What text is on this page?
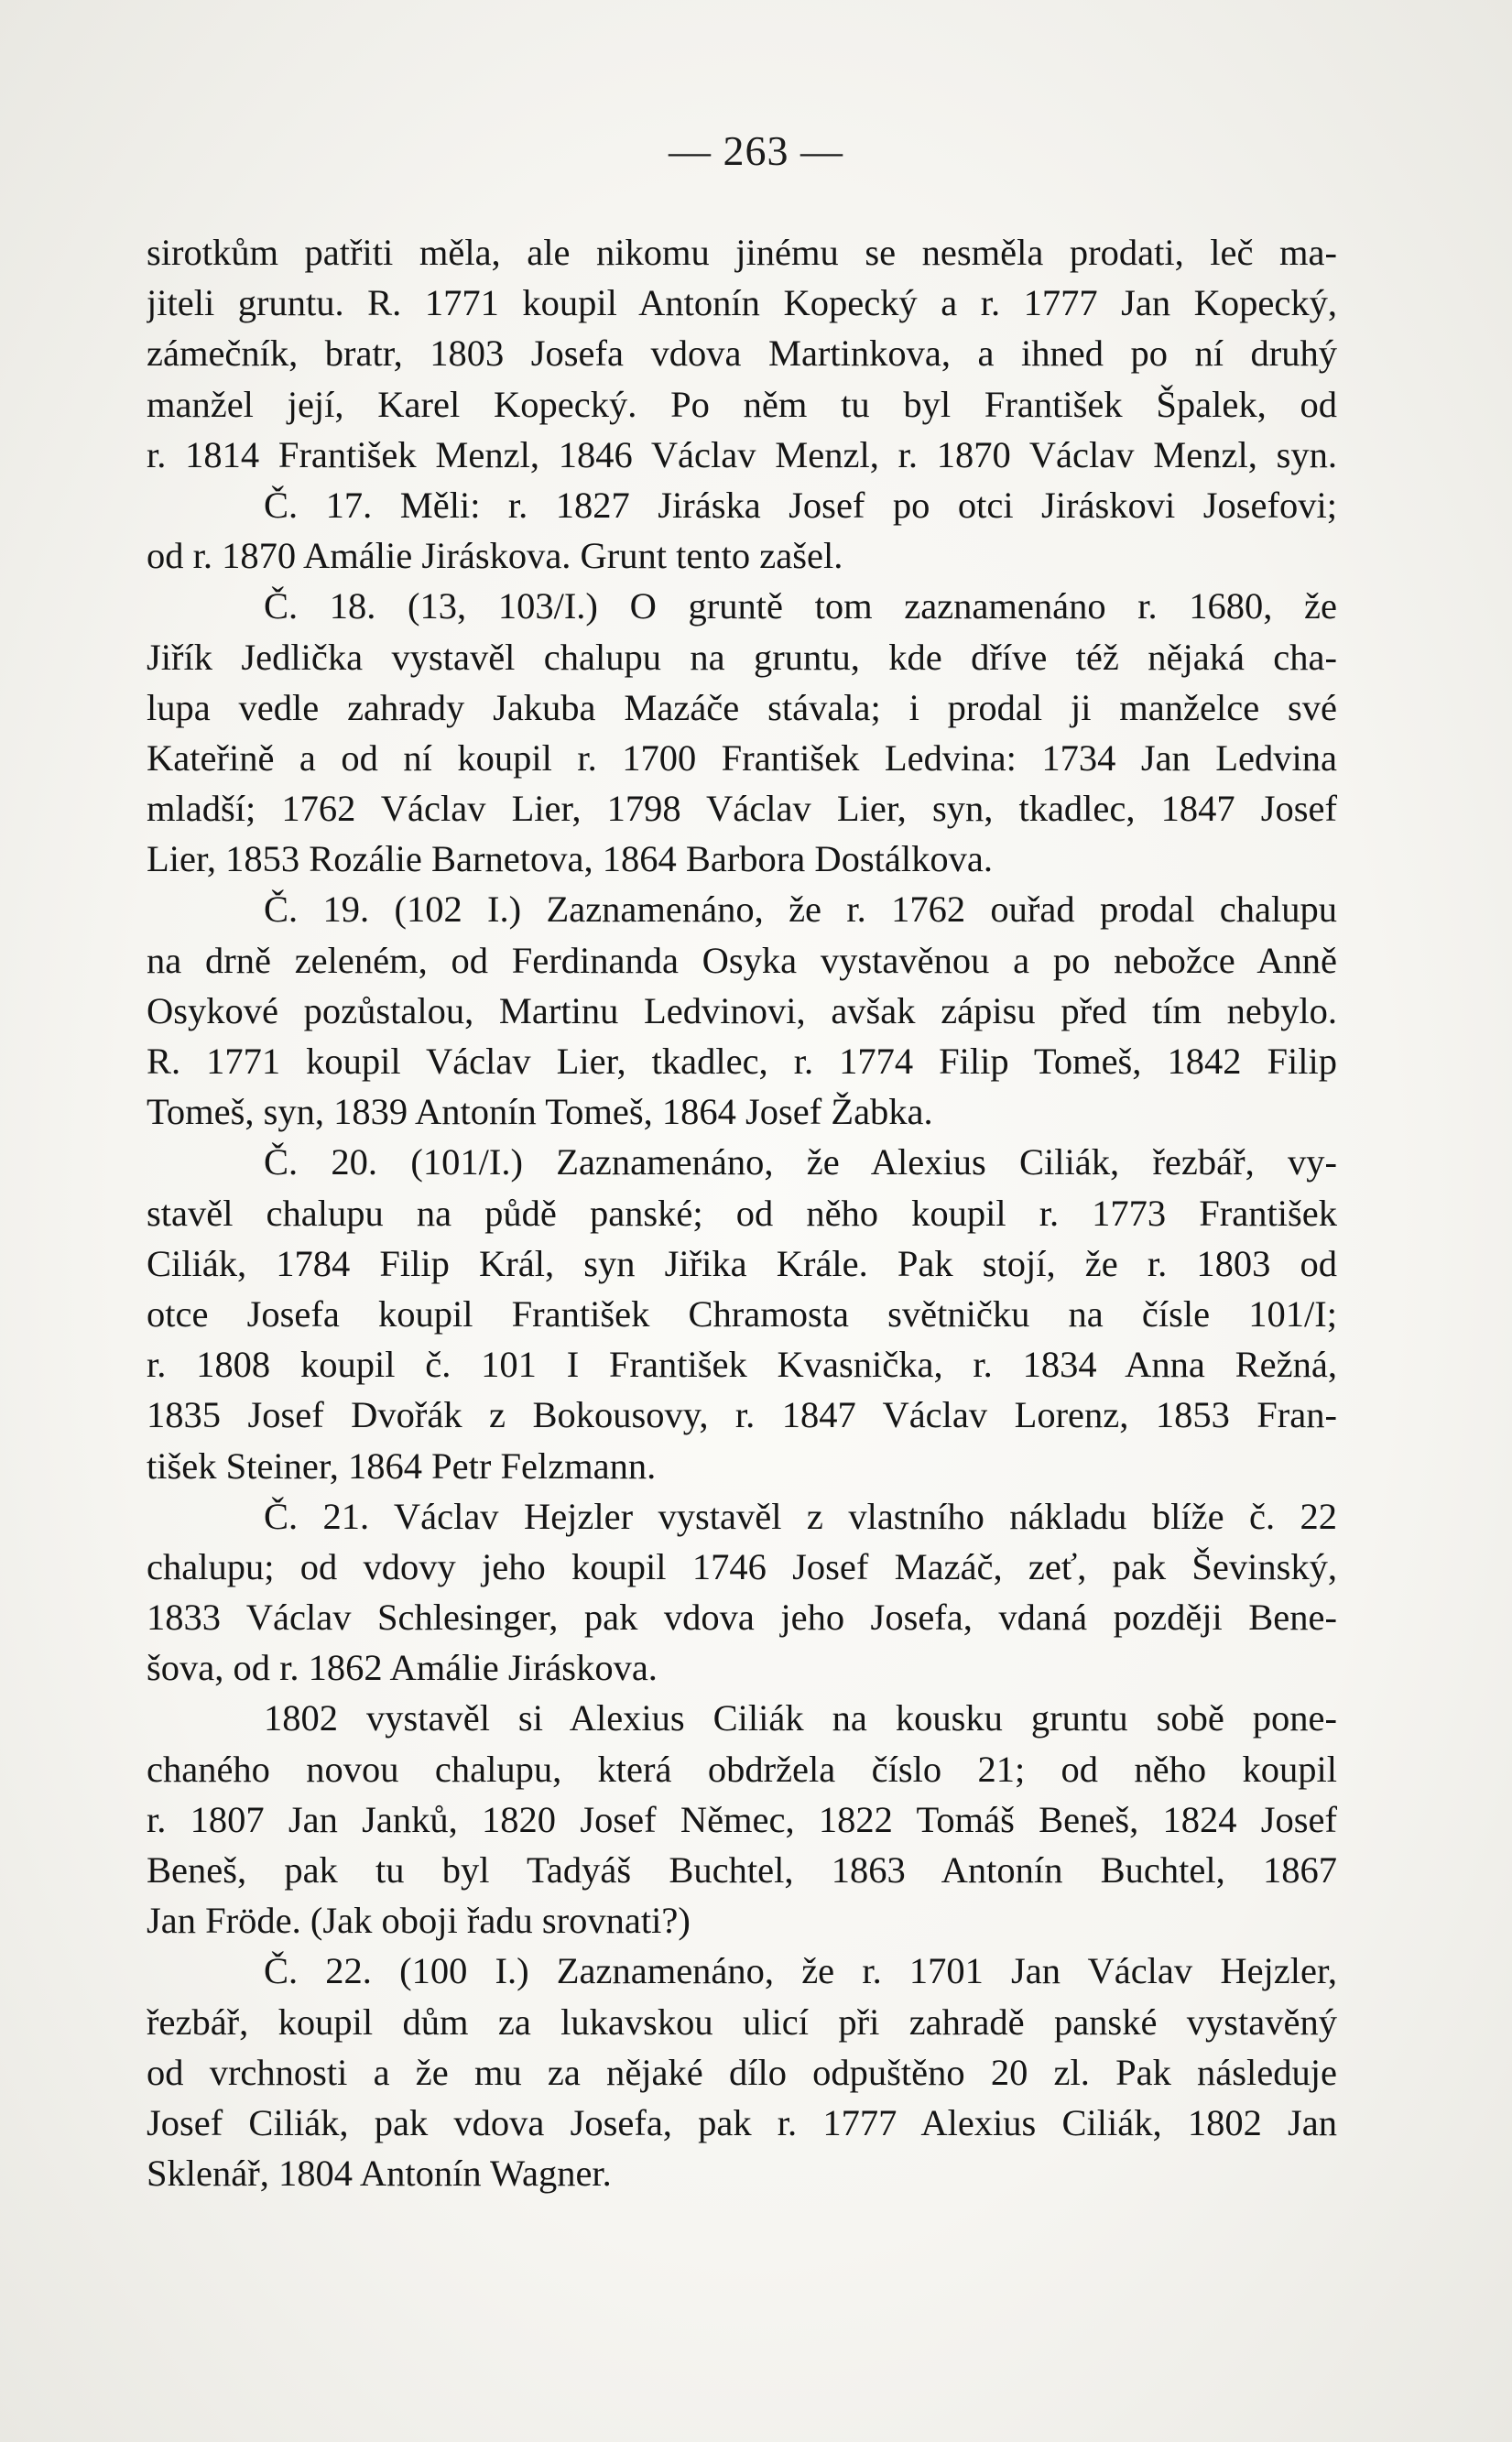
— 263 —
sirotkům patřiti měla, ale nikomu jinému se nesměla prodati, leč ma-
jiteli gruntu. R. 1771 koupil Antonín Kopecký a r. 1777 Jan Kopecký,
zámečník, bratr, 1803 Josefa vdova Martinkova, a ihned po ní druhý
manžel její, Karel Kopecký. Po něm tu byl František Špalek, od
r. 1814 František Menzl, 1846 Václav Menzl, r. 1870 Václav Menzl, syn.
Č. 17. Měli: r. 1827 Jiráska Josef po otci Jiráskovi Josefovi;
od r. 1870 Amálie Jiráskova. Grunt tento zašel.
Č. 18. (13, 103/I.) O gruntě tom zaznamenáno r. 1680, že
Jiřík Jedlička vystavěl chalupu na gruntu, kde dříve též nějaká cha-
lupa vedle zahrady Jakuba Mazáče stávala; i prodal ji manželce své
Kateřině a od ní koupil r. 1700 František Ledvina: 1734 Jan Ledvina
mladší; 1762 Václav Lier, 1798 Václav Lier, syn, tkadlec, 1847 Josef
Lier, 1853 Rozálie Barnetova, 1864 Barbora Dostálkova.
Č. 19. (102 I.) Zaznamenáno, že r. 1762 ouřad prodal chalupu
na drně zeleném, od Ferdinanda Osyka vystavěnou a po nebožce Anně
Osykové pozůstalou, Martinu Ledvinovi, avšak zápisu před tím nebylo.
R. 1771 koupil Václav Lier, tkadlec, r. 1774 Filip Tomeš, 1842 Filip
Tomeš, syn, 1839 Antonín Tomeš, 1864 Josef Žabka.
Č. 20. (101/I.) Zaznamenáno, že Alexius Ciliák, řezbář, vy-
stavěl chalupu na půdě panské; od něho koupil r. 1773 František
Ciliák, 1784 Filip Král, syn Jiřika Krále. Pak stojí, že r. 1803 od
otce Josefa koupil František Chramosta světničku na čísle 101/I;
r. 1808 koupil č. 101 I František Kvasnička, r. 1834 Anna Režná,
1835 Josef Dvořák z Bokousovy, r. 1847 Václav Lorenz, 1853 Fran-
tišek Steiner, 1864 Petr Felzmann.
Č. 21. Václav Hejzler vystavěl z vlastního nákladu blíže č. 22
chalupu; od vdovy jeho koupil 1746 Josef Mazáč, zeť, pak Ševinský,
1833 Václav Schlesinger, pak vdova jeho Josefa, vdaná později Bene-
šova, od r. 1862 Amálie Jiráskova.
1802 vystavěl si Alexius Ciliák na kousku gruntu sobě pone-
chaného novou chalupu, která obdržela číslo 21; od něho koupil
r. 1807 Jan Janků, 1820 Josef Němec, 1822 Tomáš Beneš, 1824 Josef
Beneš, pak tu byl Tadyáš Buchtel, 1863 Antonín Buchtel, 1867
Jan Fröde. (Jak oboji řadu srovnati?)
Č. 22. (100 I.) Zaznamenáno, že r. 1701 Jan Václav Hejzler,
řezbář, koupil dům za lukavskou ulicí při zahradě panské vystavěný
od vrchnosti a že mu za nějaké dílo odpuštěno 20 zl. Pak následuje
Josef Ciliák, pak vdova Josefa, pak r. 1777 Alexius Ciliák, 1802 Jan
Sklenář, 1804 Antonín Wagner.
